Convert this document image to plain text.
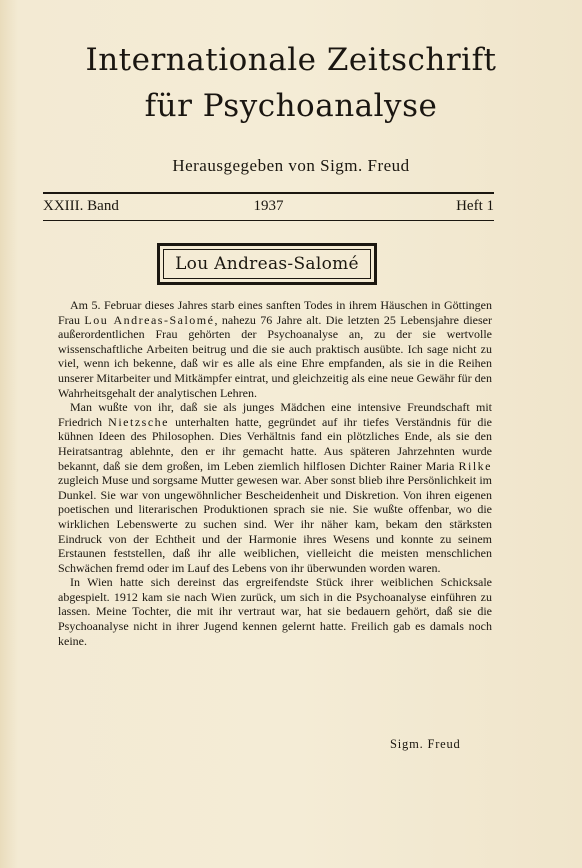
Internationale Zeitschrift
für Psychoanalyse
Herausgegeben von Sigm. Freud
XXIII. Band	1937	Heft 1
Lou Andreas-Salomé

Am 5. Februar dieses Jahres starb eines sanften Todes in ihrem Häuschen in Göttingen Frau Lou Andreas-Salomé, nahezu 76 Jahre alt. Die letzten 25 Lebensjahre dieser außerordentlichen Frau gehörten der Psychoanalyse an, zu der sie wertvolle wissenschaftliche Arbeiten beitrug und die sie auch praktisch ausübte. Ich sage nicht zu viel, wenn ich bekenne, daß wir es alle als eine Ehre empfanden, als sie in die Reihen unserer Mitarbeiter und Mitkämpfer eintrat, und gleichzeitig als eine neue Gewähr für den Wahrheitsgehalt der analytischen Lehren.

Man wußte von ihr, daß sie als junges Mädchen eine intensive Freundschaft mit Friedrich Nietzsche unterhalten hatte, gegründet auf ihr tiefes Verständnis für die kühnen Ideen des Philosophen. Dies Verhältnis fand ein plötzliches Ende, als sie den Heiratsantrag ablehnte, den er ihr gemacht hatte. Aus späteren Jahrzehnten wurde bekannt, daß sie dem großen, im Leben ziemlich hilflosen Dichter Rainer Maria Rilke zugleich Muse und sorgsame Mutter gewesen war. Aber sonst blieb ihre Persönlichkeit im Dunkel. Sie war von ungewöhnlicher Bescheidenheit und Diskretion. Von ihren eigenen poetischen und literarischen Produktionen sprach sie nie. Sie wußte offenbar, wo die wirklichen Lebenswerte zu suchen sind. Wer ihr näher kam, bekam den stärksten Eindruck von der Echtheit und der Harmonie ihres Wesens und konnte zu seinem Erstaunen feststellen, daß ihr alle weiblichen, vielleicht die meisten menschlichen Schwächen fremd oder im Lauf des Lebens von ihr überwunden worden waren.

In Wien hatte sich dereinst das ergreifendste Stück ihrer weiblichen Schicksale abgespielt. 1912 kam sie nach Wien zurück, um sich in die Psychoanalyse einführen zu lassen. Meine Tochter, die mit ihr vertraut war, hat sie bedauern gehört, daß sie die Psychoanalyse nicht in ihrer Jugend kennen gelernt hatte. Freilich gab es damals noch keine.

Sigm. Freud
